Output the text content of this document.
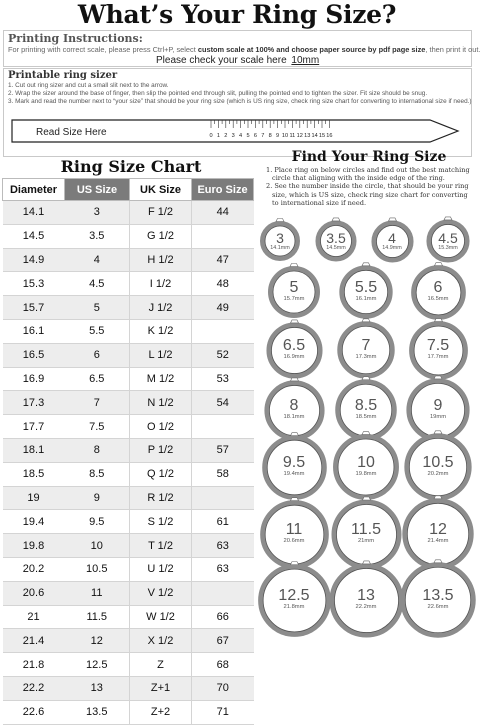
What’s Your Ring Size?
Printing Instructions:
For printing with correct scale, please press Ctrl+P, select custom scale at 100% and choose paper source by pdf page size, then print it out.
Please check your scale here 10mm
Printable ring sizer
1. Cut out ring sizer and cut a small slit next to the arrow.
2. Wrap the sizer around the base of finger, then slip the pointed end through slit, pulling the pointed end to tighten the sizer. Fit size should be snug.
3. Mark and read the number next to “your size” that should be your ring size (which is US ring size, check ring size chart for converting to international size if need.)
Read Size Here	0 1 2 3 4 5 6 7 8 9 10 11 12 13 14 15 16
Ring Size Chart
Diameter	US Size	UK Size	Euro Size
14.1	3	F 1/2	44
14.5	3.5	G 1/2	
14.9	4	H 1/2	47
15.3	4.5	I 1/2	48
15.7	5	J 1/2	49
16.1	5.5	K 1/2	
16.5	6	L 1/2	52
16.9	6.5	M 1/2	53
17.3	7	N 1/2	54
17.7	7.5	O 1/2	
18.1	8	P 1/2	57
18.5	8.5	Q 1/2	58
19	9	R 1/2	
19.4	9.5	S 1/2	61
19.8	10	T 1/2	63
20.2	10.5	U 1/2	63
20.6	11	V 1/2	
21	11.5	W 1/2	66
21.4	12	X 1/2	67
21.8	12.5	Z	68
22.2	13	Z+1	70
22.6	13.5	Z+2	71
Find Your Ring Size
1. Place ring on below circles and find out the best matching circle that aligning with the inside edge of the ring.
2. See the number inside the circle, that should be your ring size, which is US size, check ring size chart for converting to international size if need.
3
14.1mm
3.5
14.5mm
4
14.9mm
4.5
15.3mm
5
15.7mm
5.5
16.1mm
6
16.5mm
6.5
16.9mm
7
17.3mm
7.5
17.7mm
8
18.1mm
8.5
18.5mm
9
19mm
9.5
19.4mm
10
19.8mm
10.5
20.2mm
11
20.6mm
11.5
21mm
12
21.4mm
12.5
21.8mm
13
22.2mm
13.5
22.6mm
